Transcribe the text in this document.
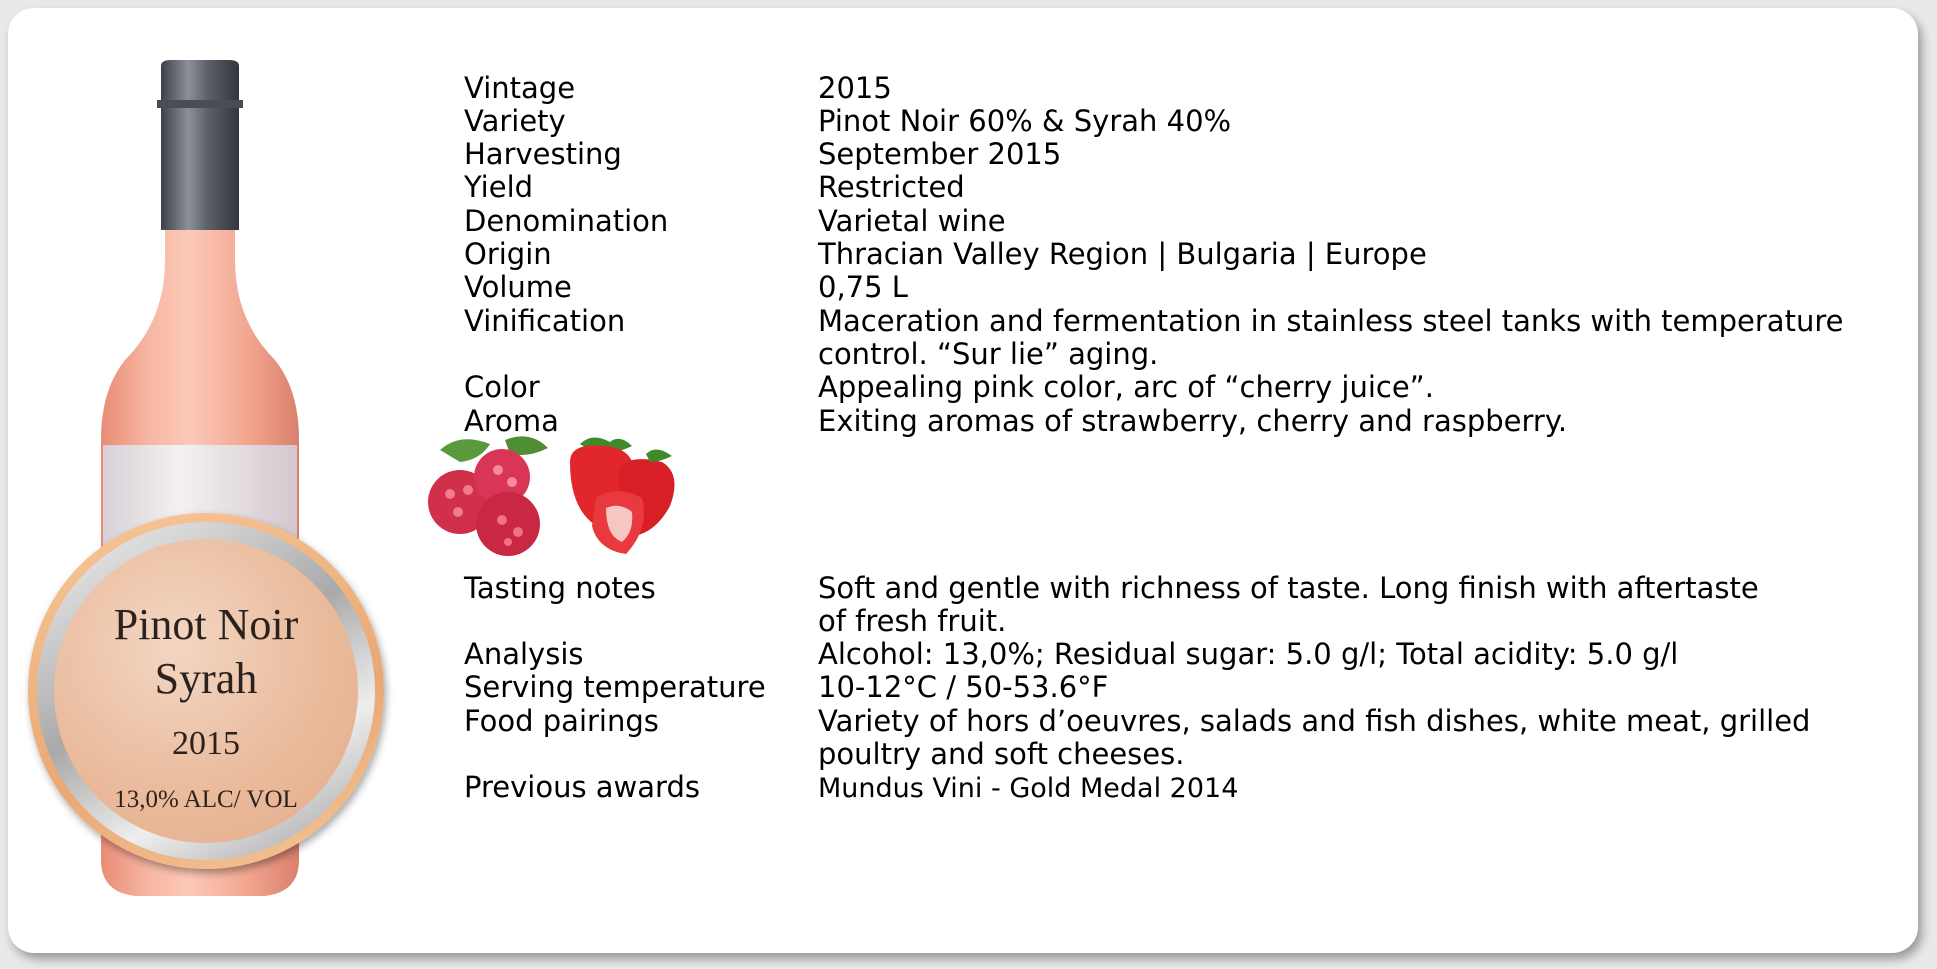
Pinot Noir
Syrah
2015
13,0% ALC/ VOL
Vintage	2015
Variety	Pinot Noir 60% & Syrah 40%
Harvesting	September 2015
Yield	Restricted
Denomination	Varietal wine
Origin	Thracian Valley Region | Bulgaria | Europe
Volume	0,75 L
Vinification	Maceration and fermentation in stainless steel tanks with temperature
control. “Sur lie” aging.
Color	Appealing pink color, arc of “cherry juice”.
Aroma	Exiting aromas of strawberry, cherry and raspberry.
Tasting notes	Soft and gentle with richness of taste. Long finish with aftertaste
of fresh fruit.
Analysis	Alcohol: 13,0%; Residual sugar: 5.0 g/l; Total acidity: 5.0 g/l
Serving temperature 10-12°C / 50-53.6°F
Food pairings	Variety of hors d’oeuvres, salads and fish dishes, white meat, grilled
poultry and soft cheeses.
Previous awards	Mundus Vini - Gold Medal 2014
